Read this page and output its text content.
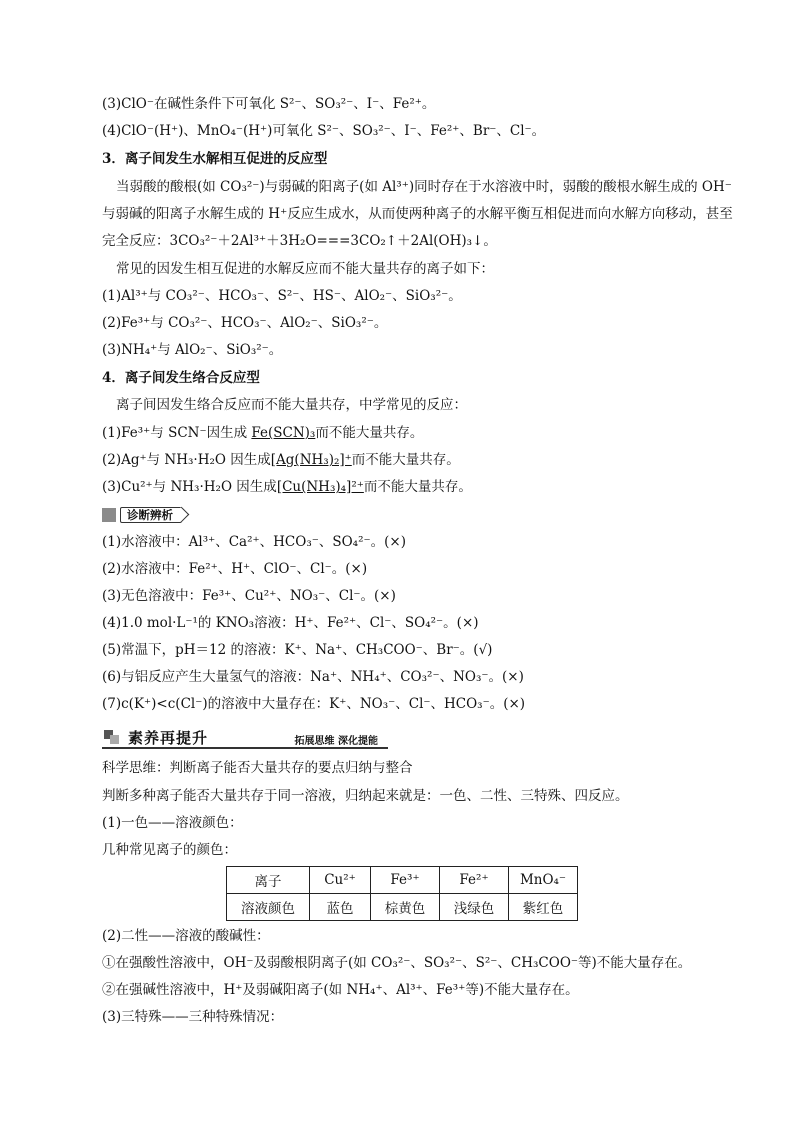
(3)ClO⁻在碱性条件下可氧化 S²⁻、SO₃²⁻、I⁻、Fe²⁺。
(4)ClO⁻(H⁺)、MnO₄⁻(H⁺)可氧化 S²⁻、SO₃²⁻、I⁻、Fe²⁺、Br⁻、Cl⁻。
3．离子间发生水解相互促进的反应型
当弱酸的酸根(如 CO₃²⁻)与弱碱的阳离子(如 Al³⁺)同时存在于水溶液中时，弱酸的酸根水解生成的 OH⁻
与弱碱的阳离子水解生成的 H⁺反应生成水，从而使两种离子的水解平衡互相促进而向水解方向移动，甚至
完全反应：3CO₃²⁻＋2Al³⁺＋3H₂O===3CO₂↑＋2Al(OH)₃↓。
常见的因发生相互促进的水解反应而不能大量共存的离子如下：
(1)Al³⁺与 CO₃²⁻、HCO₃⁻、S²⁻、HS⁻、AlO₂⁻、SiO₃²⁻。
(2)Fe³⁺与 CO₃²⁻、HCO₃⁻、AlO₂⁻、SiO₃²⁻。
(3)NH₄⁺与 AlO₂⁻、SiO₃²⁻。
4．离子间发生络合反应型
离子间因发生络合反应而不能大量共存，中学常见的反应：
(1)Fe³⁺与 SCN⁻因生成 Fe(SCN)₃而不能大量共存。
(2)Ag⁺与 NH₃·H₂O 因生成[Ag(NH₃)₂]⁺而不能大量共存。
(3)Cu²⁺与 NH₃·H₂O 因生成[Cu(NH₃)₄]²⁺而不能大量共存。
诊断辨析
(1)水溶液中：Al³⁺、Ca²⁺、HCO₃⁻、SO₄²⁻。(×)
(2)水溶液中：Fe²⁺、H⁺、ClO⁻、Cl⁻。(×)
(3)无色溶液中：Fe³⁺、Cu²⁺、NO₃⁻、Cl⁻。(×)
(4)1.0 mol·L⁻¹的 KNO₃溶液：H⁺、Fe²⁺、Cl⁻、SO₄²⁻。(×)
(5)常温下，pH＝12 的溶液：K⁺、Na⁺、CH₃COO⁻、Br⁻。(√)
(6)与铝反应产生大量氢气的溶液：Na⁺、NH₄⁺、CO₃²⁻、NO₃⁻。(×)
(7)c(K⁺)<c(Cl⁻)的溶液中大量存在：K⁺、NO₃⁻、Cl⁻、HCO₃⁻。(×)
素养再提升	拓展思维 深化提能
科学思维：判断离子能否大量共存的要点归纳与整合
判断多种离子能否大量共存于同一溶液，归纳起来就是：一色、二性、三特殊、四反应。
(1)一色——溶液颜色：
几种常见离子的颜色：
离子	Cu²⁺	Fe³⁺	Fe²⁺	MnO₄⁻
溶液颜色	蓝色	棕黄色	浅绿色	紫红色
(2)二性——溶液的酸碱性：
①在强酸性溶液中，OH⁻及弱酸根阴离子(如 CO₃²⁻、SO₃²⁻、S²⁻、CH₃COO⁻等)不能大量存在。
②在强碱性溶液中，H⁺及弱碱阳离子(如 NH₄⁺、Al³⁺、Fe³⁺等)不能大量存在。
(3)三特殊——三种特殊情况：
